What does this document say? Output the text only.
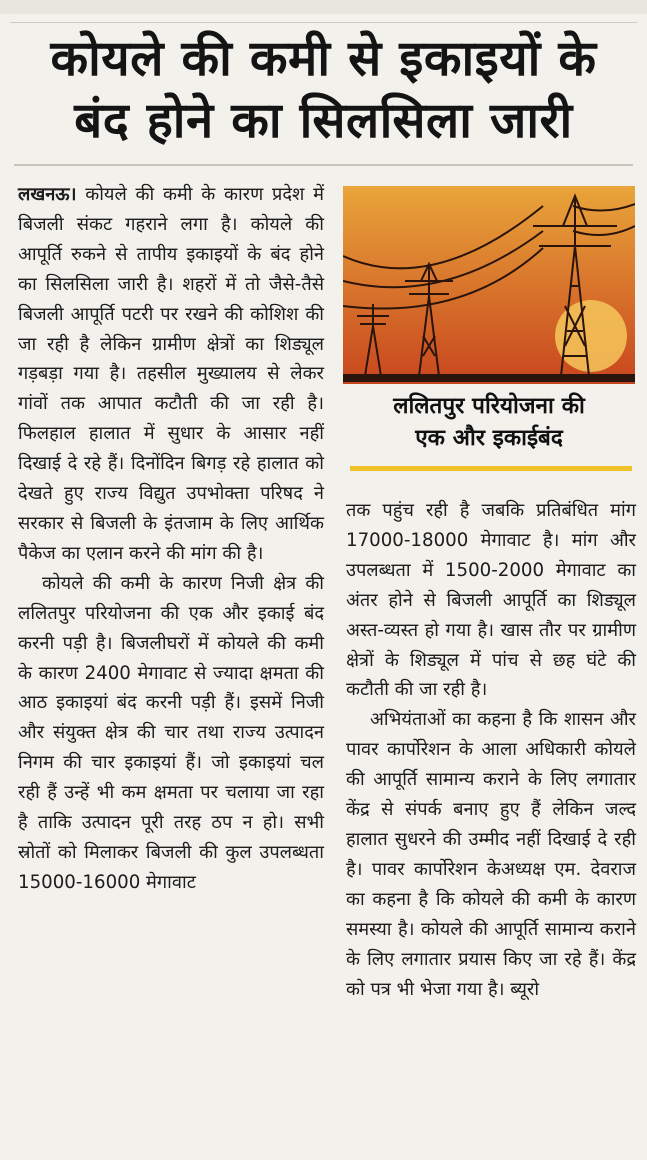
कोयले की कमी से इकाइयों के
बंद होने का सिलसिला जारी

लखनऊ। कोयले की कमी के कारण प्रदेश में बिजली संकट गहराने लगा है। कोयले की आपूर्ति रुकने से तापीय इकाइयों के बंद होने का सिलसिला जारी है। शहरों में तो जैसे-तैसे बिजली आपूर्ति पटरी पर रखने की कोशिश की जा रही है लेकिन ग्रामीण क्षेत्रों का शिड्यूल गड़बड़ा गया है। तहसील मुख्यालय से लेकर गांवों तक आपात कटौती की जा रही है। फिलहाल हालात में सुधार के आसार नहीं दिखाई दे रहे हैं। दिनोंदिन बिगड़ रहे हालात को देखते हुए राज्य विद्युत उपभोक्ता परिषद ने सरकार से बिजली के इंतजाम के लिए आर्थिक पैकेज का एलान करने की मांग की है।

कोयले की कमी के कारण निजी क्षेत्र की ललितपुर परियोजना की एक और इकाई बंद करनी पड़ी है। बिजलीघरों में कोयले की कमी के कारण 2400 मेगावाट से ज्यादा क्षमता की आठ इकाइयां बंद करनी पड़ी हैं। इसमें निजी और संयुक्त क्षेत्र की चार तथा राज्य उत्पादन निगम की चार इकाइयां हैं। जो इकाइयां चल रही हैं उन्हें भी कम क्षमता पर चलाया जा रहा है ताकि उत्पादन पूरी तरह ठप न हो। सभी स्रोतों को मिलाकर बिजली की कुल उपलब्धता 15000-16000 मेगावाट

ललितपुर परियोजना की
एक और इकाईबंद

तक पहुंच रही है जबकि प्रतिबंधित मांग 17000-18000 मेगावाट है। मांग और उपलब्धता में 1500-2000 मेगावाट का अंतर होने से बिजली आपूर्ति का शिड्यूल अस्त-व्यस्त हो गया है। खास तौर पर ग्रामीण क्षेत्रों के शिड्यूल में पांच से छह घंटे की कटौती की जा रही है।

अभियंताओं का कहना है कि शासन और पावर कार्पोरेशन के आला अधिकारी कोयले की आपूर्ति सामान्य कराने के लिए लगातार केंद्र से संपर्क बनाए हुए हैं लेकिन जल्द हालात सुधरने की उम्मीद नहीं दिखाई दे रही है। पावर कार्पोरेशन केअध्यक्ष एम. देवराज का कहना है कि कोयले की कमी के कारण समस्या है। कोयले की आपूर्ति सामान्य कराने के लिए लगातार प्रयास किए जा रहे हैं। केंद्र को पत्र भी भेजा गया है। ब्यूरो
